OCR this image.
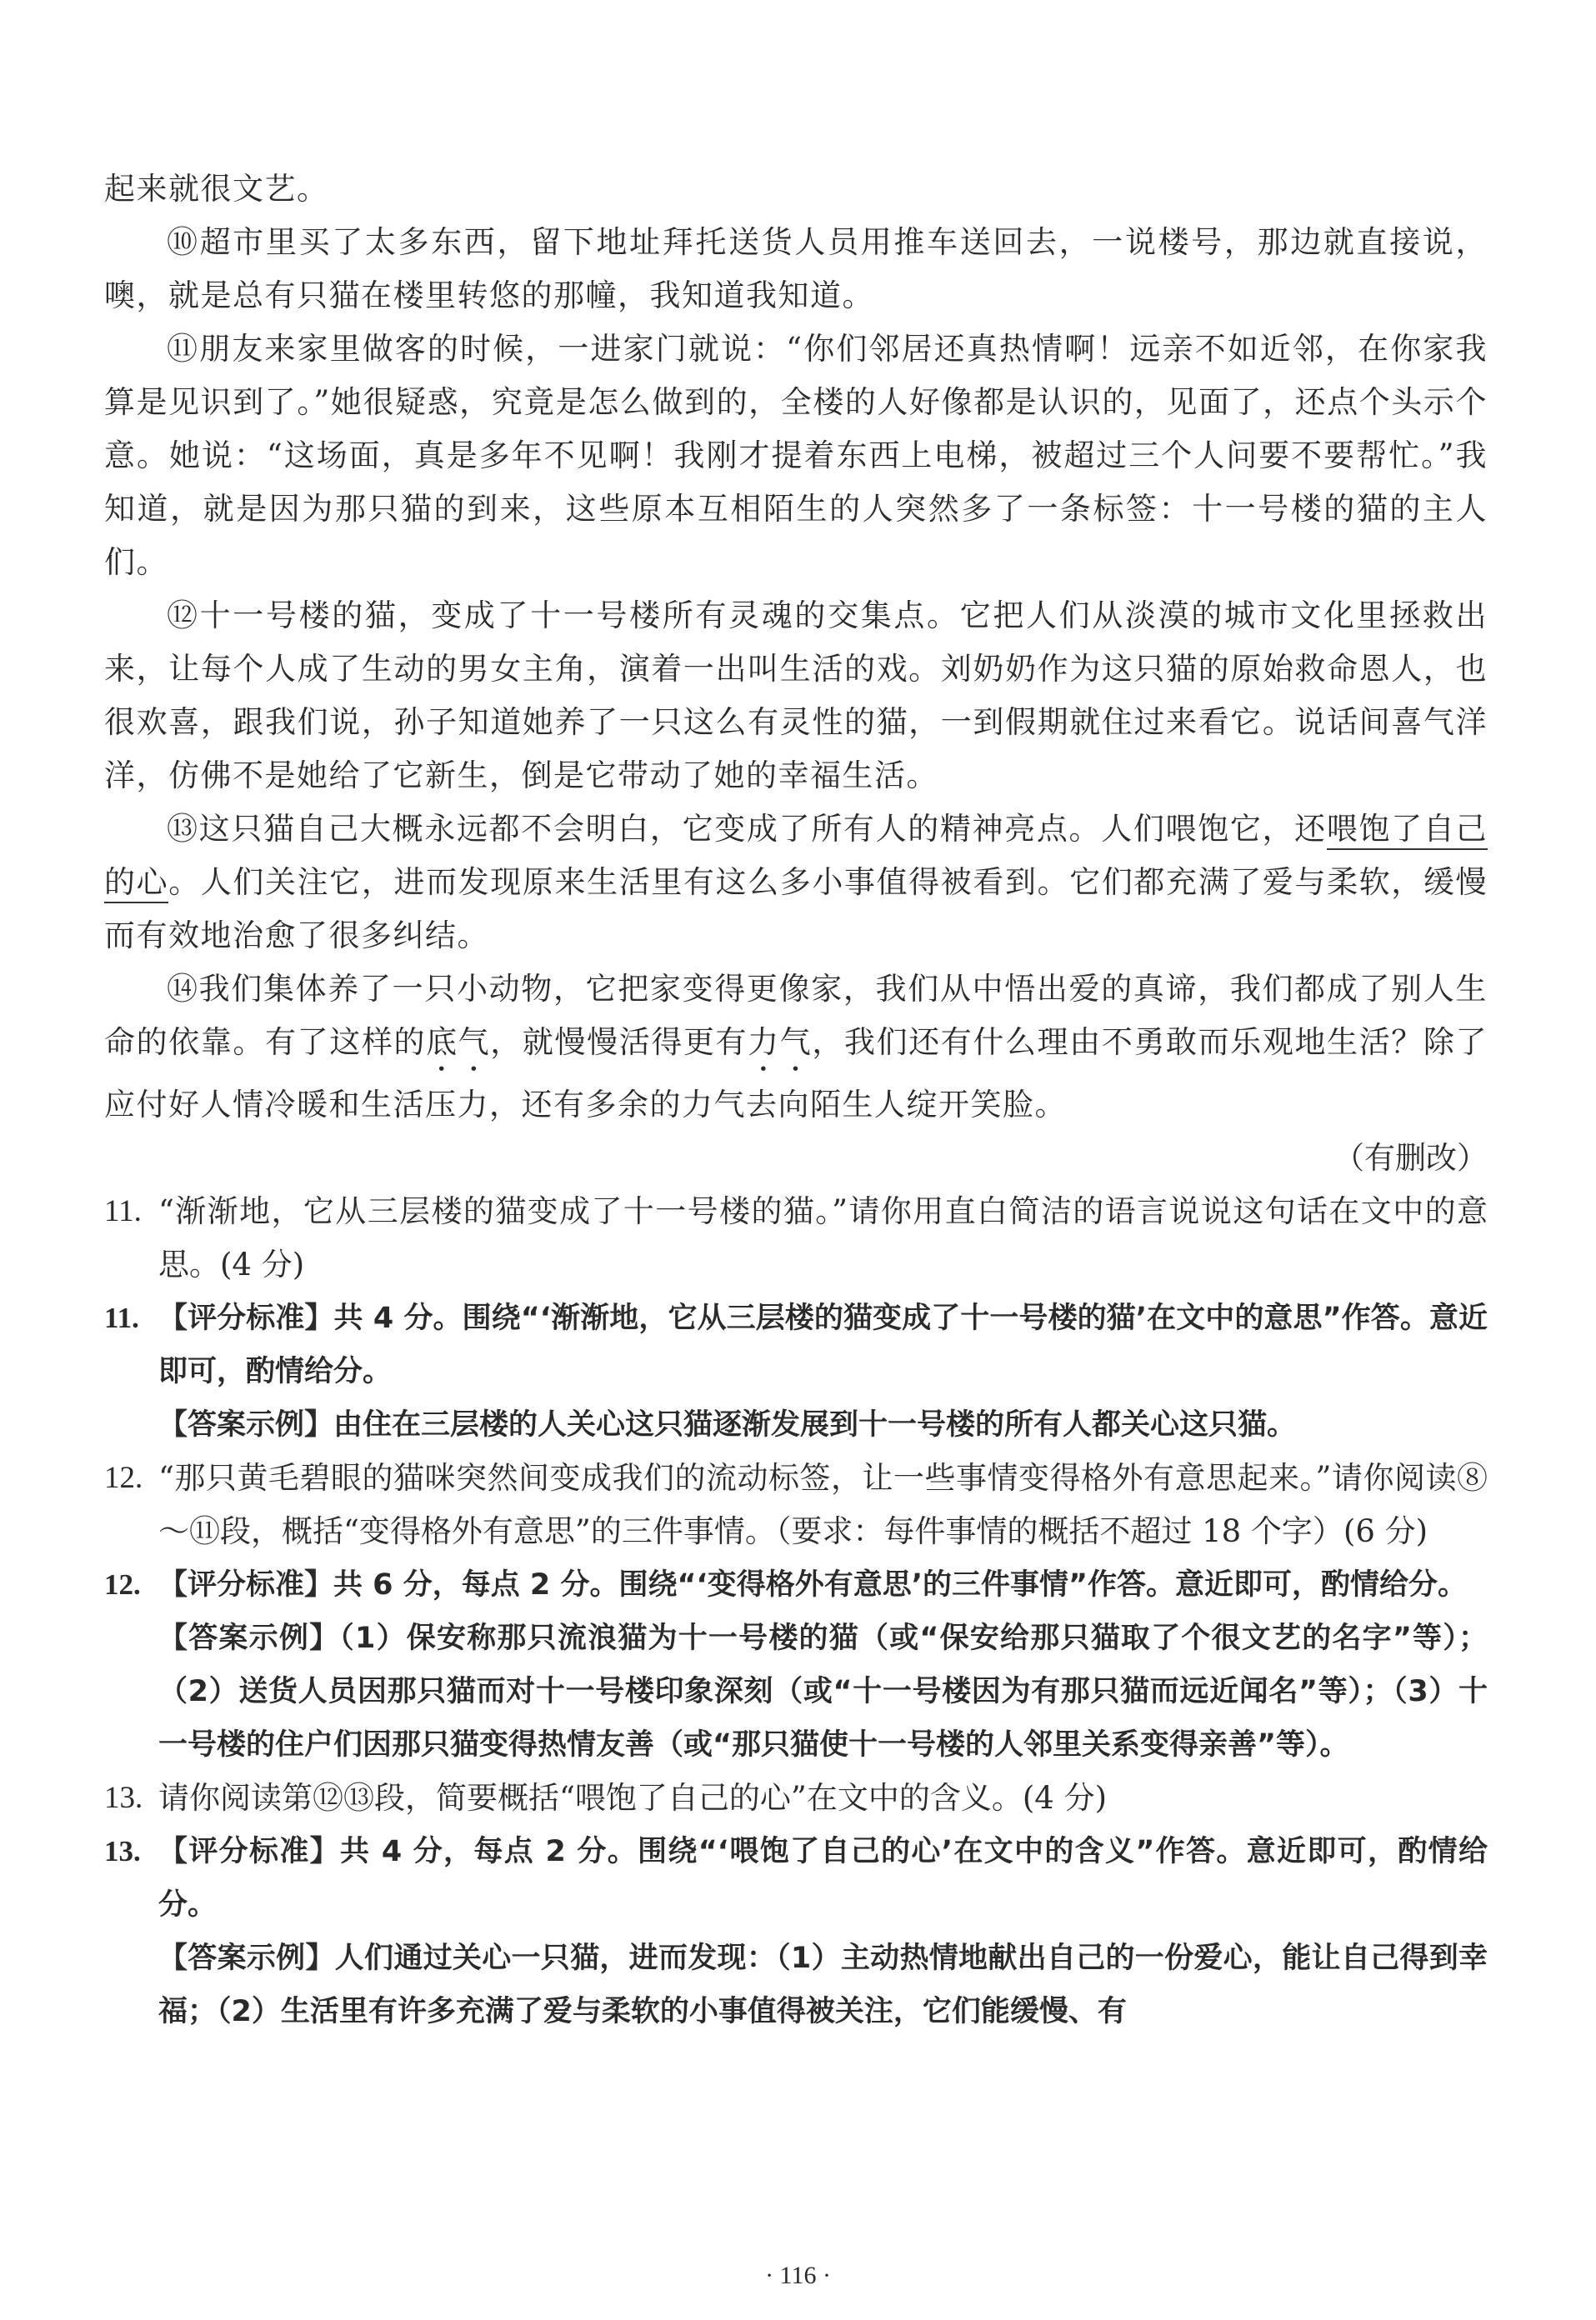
起来就很文艺。

⑩超市里买了太多东西，留下地址拜托送货人员用推车送回去，一说楼号，那边就直接说，噢，就是总有只猫在楼里转悠的那幢，我知道我知道。

⑪朋友来家里做客的时候，一进家门就说：“你们邻居还真热情啊！远亲不如近邻，在你家我算是见识到了。”她很疑惑，究竟是怎么做到的，全楼的人好像都是认识的，见面了，还点个头示个意。她说：“这场面，真是多年不见啊！我刚才提着东西上电梯，被超过三个人问要不要帮忙。”我知道，就是因为那只猫的到来，这些原本互相陌生的人突然多了一条标签：十一号楼的猫的主人们。

⑫十一号楼的猫，变成了十一号楼所有灵魂的交集点。它把人们从淡漠的城市文化里拯救出来，让每个人成了生动的男女主角，演着一出叫生活的戏。刘奶奶作为这只猫的原始救命恩人，也很欢喜，跟我们说，孙子知道她养了一只这么有灵性的猫，一到假期就住过来看它。说话间喜气洋洋，仿佛不是她给了它新生，倒是它带动了她的幸福生活。

⑬这只猫自己大概永远都不会明白，它变成了所有人的精神亮点。人们喂饱它，还喂饱了自己的心。人们关注它，进而发现原来生活里有这么多小事值得被看到。它们都充满了爱与柔软，缓慢而有效地治愈了很多纠结。

⑭我们集体养了一只小动物，它把家变得更像家，我们从中悟出爱的真谛，我们都成了别人生命的依靠。有了这样的底气，就慢慢活得更有力气，我们还有什么理由不勇敢而乐观地生活？除了应付好人情冷暖和生活压力，还有多余的力气去向陌生人绽开笑脸。

（有删改）

11. “渐渐地，它从三层楼的猫变成了十一号楼的猫。”请你用直白简洁的语言说说这句话在文中的意思。(4 分)
11. 【评分标准】共 4 分。围绕“‘渐渐地，它从三层楼的猫变成了十一号楼的猫’在文中的意思”作答。意近即可，酌情给分。
【答案示例】由住在三层楼的人关心这只猫逐渐发展到十一号楼的所有人都关心这只猫。
12. “那只黄毛碧眼的猫咪突然间变成我们的流动标签，让一些事情变得格外有意思起来。”请你阅读⑧～⑪段，概括“变得格外有意思”的三件事情。（要求：每件事情的概括不超过 18 个字）(6 分)
12. 【评分标准】共 6 分，每点 2 分。围绕“‘变得格外有意思’的三件事情”作答。意近即可，酌情给分。
【答案示例】（1）保安称那只流浪猫为十一号楼的猫（或“保安给那只猫取了个很文艺的名字”等）；（2）送货人员因那只猫而对十一号楼印象深刻（或“十一号楼因为有那只猫而远近闻名”等）；（3）十一号楼的住户们因那只猫变得热情友善（或“那只猫使十一号楼的人邻里关系变得亲善”等）。
13. 请你阅读第⑫⑬段，简要概括“喂饱了自己的心”在文中的含义。(4 分)
13. 【评分标准】共 4 分，每点 2 分。围绕“‘喂饱了自己的心’在文中的含义”作答。意近即可，酌情给分。
【答案示例】人们通过关心一只猫，进而发现：（1）主动热情地献出自己的一份爱心，能让自己得到幸福；（2）生活里有许多充满了爱与柔软的小事值得被关注，它们能缓慢、有
· 116 ·
